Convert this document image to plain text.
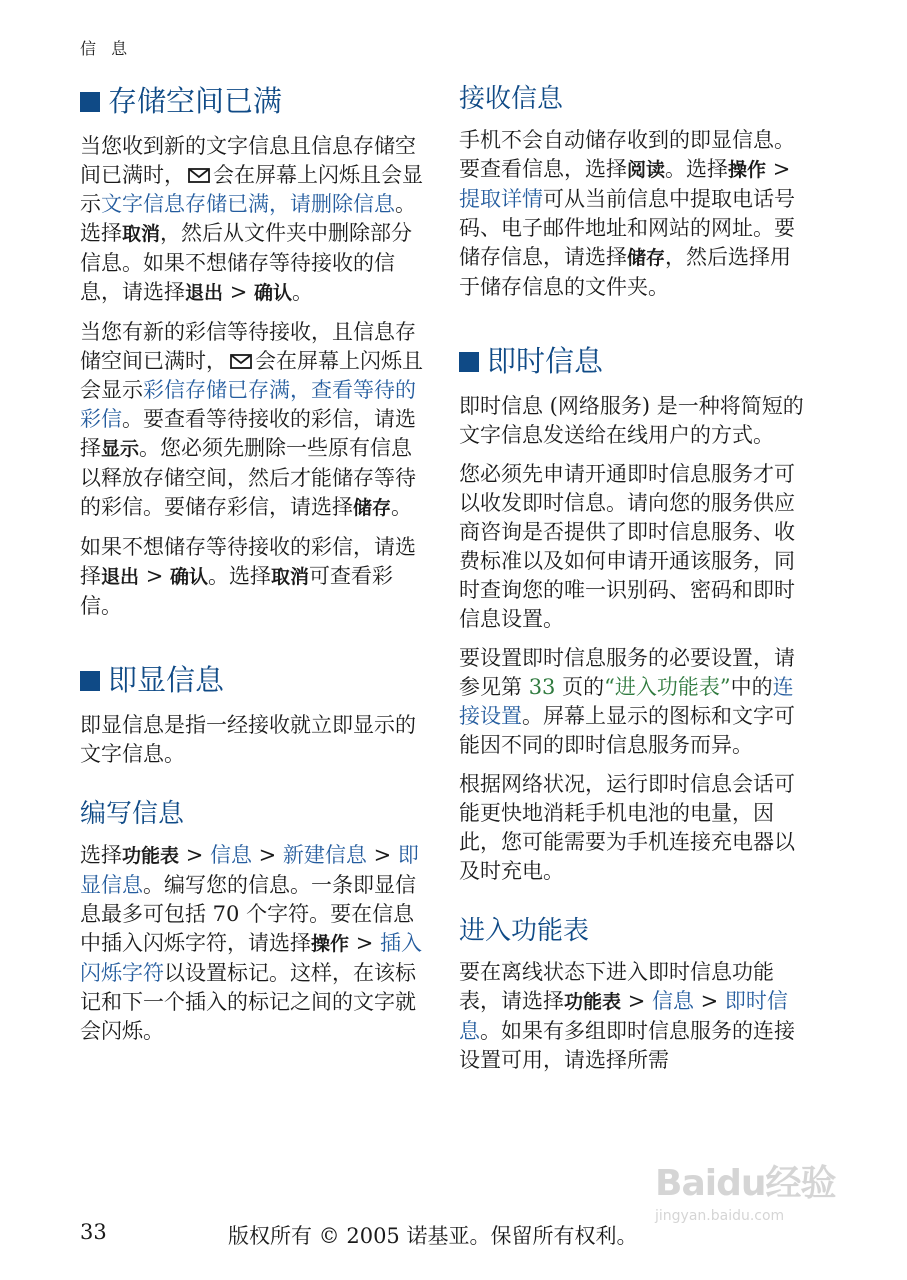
信 息
存储空间已满

当您收到新的文字信息且信息存储空间已满时， 会在屏幕上闪烁且会显示文字信息存储已满，请删除信息。选择取消，然后从文件夹中删除部分信息。如果不想储存等待接收的信息，请选择退出 > 确认。

当您有新的彩信等待接收，且信息存储空间已满时， 会在屏幕上闪烁且会显示彩信存储已存满，查看等待的彩信。要查看等待接收的彩信，请选择显示。您必须先删除一些原有信息以释放存储空间，然后才能储存等待的彩信。要储存彩信，请选择储存。

如果不想储存等待接收的彩信，请选择退出 > 确认。选择取消可查看彩信。

即显信息

即显信息是指一经接收就立即显示的文字信息。

编写信息

选择功能表 > 信息 > 新建信息 > 即显信息。编写您的信息。一条即显信息最多可包括 70 个字符。要在信息中插入闪烁字符，请选择操作 > 插入闪烁字符以设置标记。这样，在该标记和下一个插入的标记之间的文字就会闪烁。

接收信息

手机不会自动储存收到的即显信息。要查看信息，选择阅读。选择操作 > 提取详情可从当前信息中提取电话号码、电子邮件地址和网站的网址。要储存信息，请选择储存，然后选择用于储存信息的文件夹。

即时信息

即时信息 (网络服务) 是一种将简短的文字信息发送给在线用户的方式。

您必须先申请开通即时信息服务才可以收发即时信息。请向您的服务供应商咨询是否提供了即时信息服务、收费标准以及如何申请开通该服务，同时查询您的唯一识别码、密码和即时信息设置。

要设置即时信息服务的必要设置，请参见第 33 页的“进入功能表”中的连接设置。屏幕上显示的图标和文字可能因不同的即时信息服务而异。

根据网络状况，运行即时信息会话可能更快地消耗手机电池的电量，因此，您可能需要为手机连接充电器以及时充电。

进入功能表

要在离线状态下进入即时信息功能表，请选择功能表 > 信息 > 即时信息。如果有多组即时信息服务的连接设置可用，请选择所需

33	版权所有 © 2005 诺基亚。保留所有权利。
Baidu经验
jingyan.baidu.com
